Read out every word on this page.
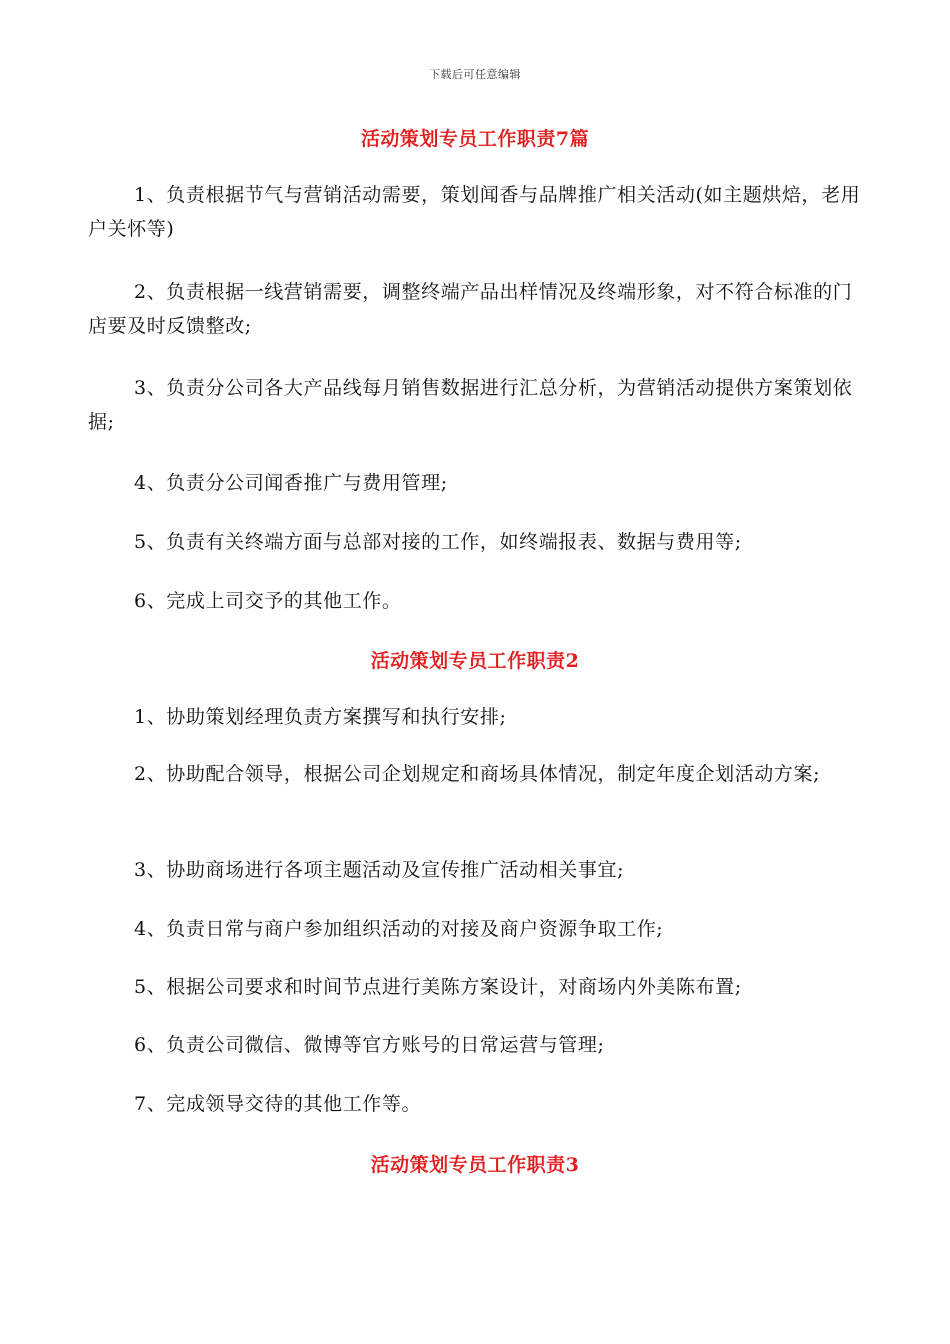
下载后可任意编辑
活动策划专员工作职责7篇
1、负责根据节气与营销活动需要，策划闻香与品牌推广相关活动(如主题烘焙，老用户关怀等)
2、负责根据一线营销需要，调整终端产品出样情况及终端形象，对不符合标准的门店要及时反馈整改;
3、负责分公司各大产品线每月销售数据进行汇总分析，为营销活动提供方案策划依据;
4、负责分公司闻香推广与费用管理;
5、负责有关终端方面与总部对接的工作，如终端报表、数据与费用等;
6、完成上司交予的其他工作。
活动策划专员工作职责2
1、协助策划经理负责方案撰写和执行安排;
2、协助配合领导，根据公司企划规定和商场具体情况，制定年度企划活动方案;
3、协助商场进行各项主题活动及宣传推广活动相关事宜;
4、负责日常与商户参加组织活动的对接及商户资源争取工作;
5、根据公司要求和时间节点进行美陈方案设计，对商场内外美陈布置;
6、负责公司微信、微博等官方账号的日常运营与管理;
7、完成领导交待的其他工作等。
活动策划专员工作职责3
